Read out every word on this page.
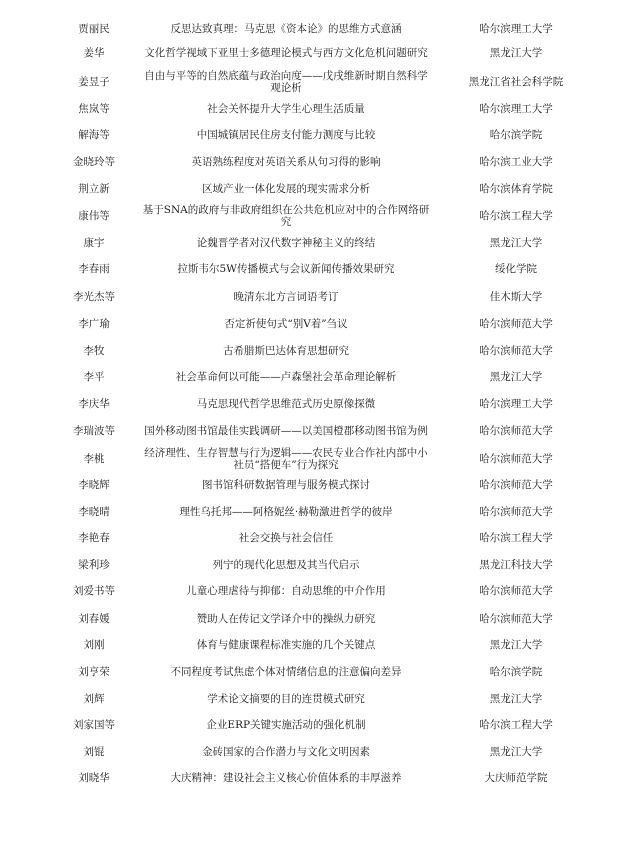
贾丽民	反思达致真理：马克思《资本论》的思维方式意涵	哈尔滨理工大学
姜华	文化哲学视域下亚里士多德理论模式与西方文化危机问题研究	黑龙江大学
姜昱子	自由与平等的自然底蕴与政治向度——戊戌维新时期自然科学观论析	黑龙江省社会科学院
焦岚等	社会关怀提升大学生心理生活质量	哈尔滨理工大学
解海等	中国城镇居民住房支付能力测度与比较	哈尔滨学院
金晓玲等	英语熟练程度对英语关系从句习得的影响	哈尔滨工业大学
荆立新	区域产业一体化发展的现实需求分析	哈尔滨体育学院
康伟等	基于SNA的政府与非政府组织在公共危机应对中的合作网络研究	哈尔滨工程大学
康宇	论魏晋学者对汉代数字神秘主义的终结	黑龙江大学
李春雨	拉斯韦尔5W传播模式与会议新闻传播效果研究	绥化学院
李光杰等	晚清东北方言词语考订	佳木斯大学
李广瑜	否定祈使句式“别V着”刍议	哈尔滨师范大学
李牧	古希腊斯巴达体育思想研究	哈尔滨师范大学
李平	社会革命何以可能——卢森堡社会革命理论解析	黑龙江大学
李庆华	马克思现代哲学思维范式历史原像探微	哈尔滨理工大学
李瑞波等	国外移动图书馆最佳实践调研——以美国橙郡移动图书馆为例	哈尔滨师范大学
李桃	经济理性、生存智慧与行为逻辑——农民专业合作社内部中小社员“搭便车”行为探究	哈尔滨师范大学
李晓辉	图书馆科研数据管理与服务模式探讨	哈尔滨师范大学
李晓晴	理性乌托邦——阿格妮丝·赫勒激进哲学的彼岸	哈尔滨师范大学
李艳春	社会交换与社会信任	哈尔滨工程大学
梁利珍	列宁的现代化思想及其当代启示	黑龙江科技大学
刘爱书等	儿童心理虐待与抑郁：自动思维的中介作用	哈尔滨师范大学
刘春媛	赞助人在传记文学译介中的操纵力研究	哈尔滨师范大学
刘刚	体育与健康课程标准实施的几个关键点	黑龙江大学
刘亨荣	不同程度考试焦虑个体对情绪信息的注意偏向差异	哈尔滨学院
刘辉	学术论文摘要的目的连贯模式研究	黑龙江大学
刘家国等	企业ERP关键实施活动的强化机制	哈尔滨工程大学
刘锟	金砖国家的合作潜力与文化文明因素	黑龙江大学
刘晓华	大庆精神：建设社会主义核心价值体系的丰厚滋养	大庆师范学院
